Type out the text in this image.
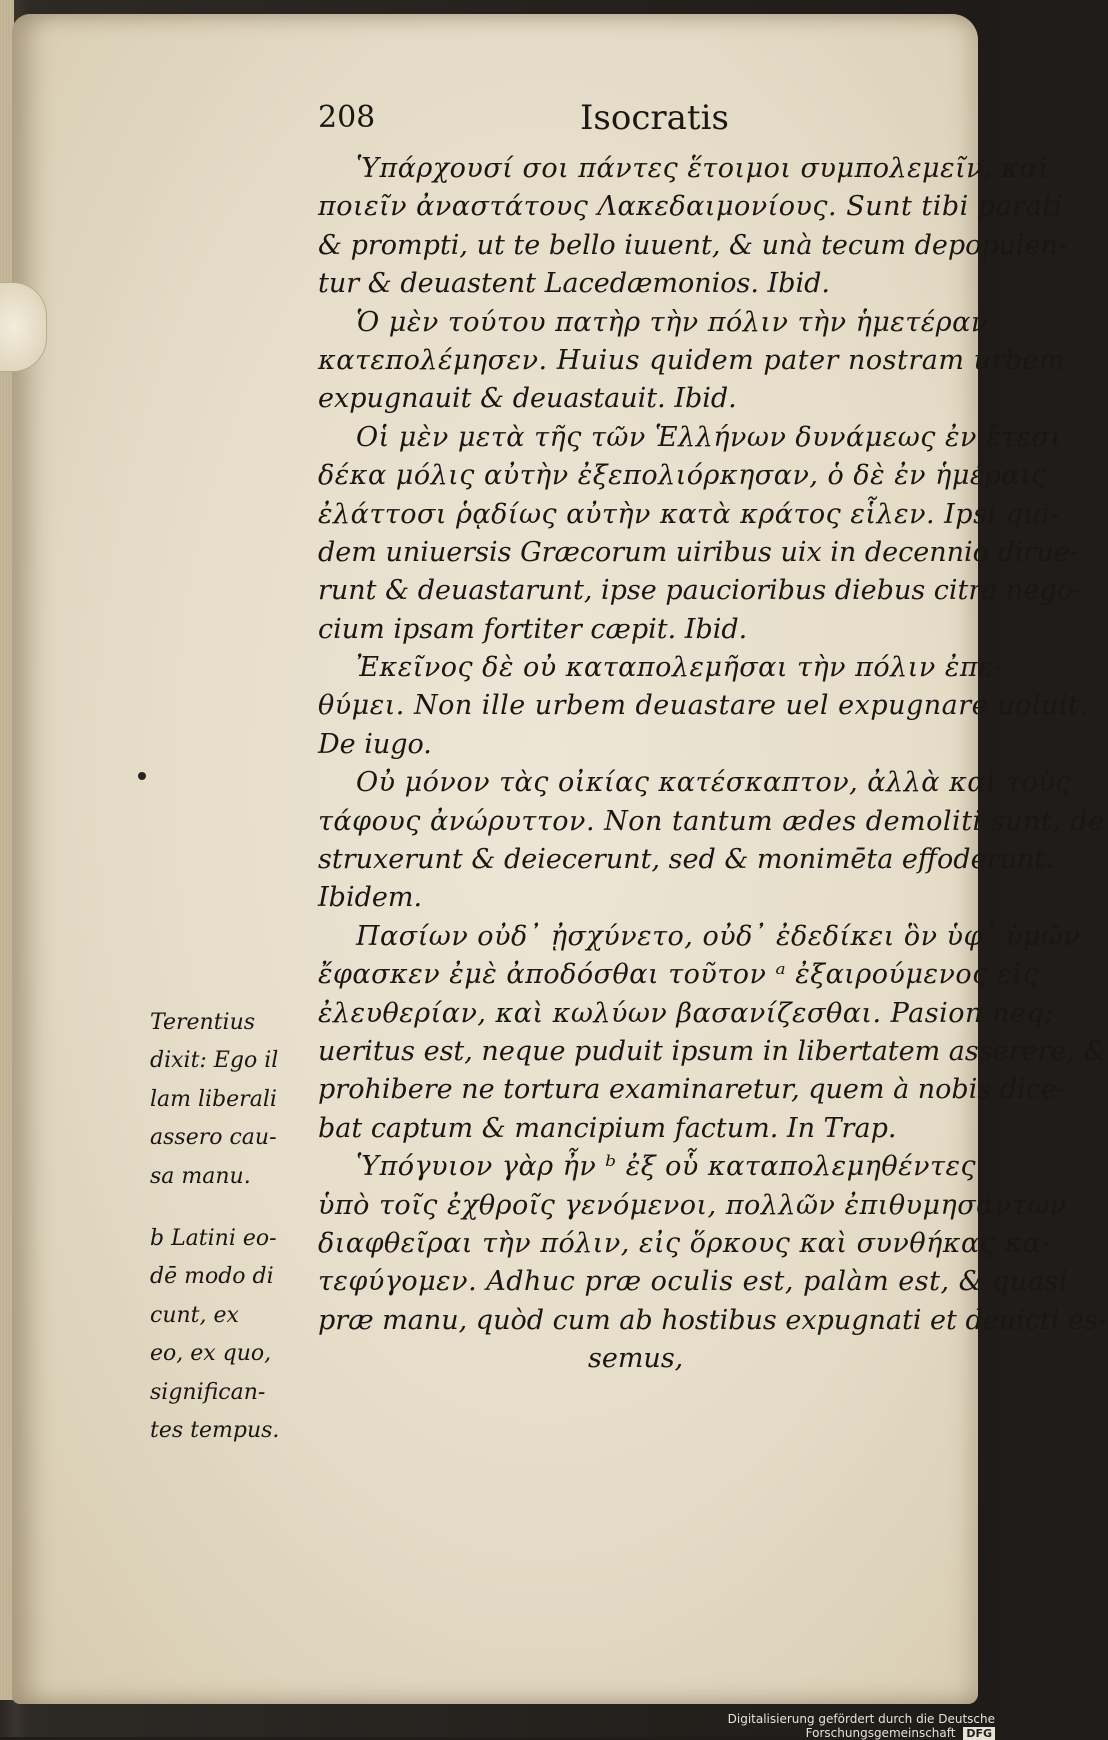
208	Isocratis
Ὑπάρχουσί σοι πάντες ἕτοιμοι συμπολεμεῖν, καὶ
ποιεῖν ἀναστάτους Λακεδαιμονίους. Sunt tibi parati
& prompti, ut te bello iuuent, & unà tecum depopulen-
tur & deuastent Lacedæmonios. Ibid.
Ὁ μὲν τούτου πατὴρ τὴν πόλιν τὴν ἡμετέραν
κατεπολέμησεν. Huius quidem pater nostram urbem
expugnauit & deuastauit. Ibid.
Οἱ μὲν μετὰ τῆς τῶν Ἑλλήνων δυνάμεως ἐν ἔτεσι
δέκα μόλις αὐτὴν ἐξεπολιόρκησαν, ὁ δὲ ἐν ἡμέραις
ἐλάττοσι ῥᾳδίως αὐτὴν κατὰ κράτος εἷλεν. Ipsi qui-
dem uniuersis Græcorum uiribus uix in decennio dirue-
runt & deuastarunt, ipse paucioribus diebus citra nego-
cium ipsam fortiter cæpit. Ibid.
Ἐκεῖνος δὲ οὐ καταπολεμῆσαι τὴν πόλιν ἐπε-
θύμει. Non ille urbem deuastare uel expugnare uoluit.
De iugo.
Οὐ μόνον τὰς οἰκίας κατέσκαπτον, ἀλλὰ καὶ τοὺς
τάφους ἀνώρυττον. Non tantum ædes demoliti sunt, de
struxerunt & deiecerunt, sed & monimēta effoderunt.
Ibidem.
Πασίων οὐδ᾽ ᾐσχύνετο, οὐδ᾽ ἐδεδίκει ὃν ὑφ᾽ ὑμῶν
ἔφασκεν ἐμὲ ἀποδόσθαι τοῦτον ᵃ ἐξαιρούμενος εἰς
ἐλευθερίαν, καὶ κωλύων βασανίζεσθαι. Pasion neq;
ueritus est, neque puduit ipsum in libertatem asserere, &
prohibere ne tortura examinaretur, quem à nobis dice-
bat captum & mancipium factum. In Trap.
Ὑπόγυιον γὰρ ἦν ᵇ ἐξ οὗ καταπολεμηθέντες
ὑπὸ τοῖς ἐχθροῖς γενόμενοι, πολλῶν ἐπιθυμησάντων
διαφθεῖραι τὴν πόλιν, εἰς ὅρκους καὶ συνθήκας κα-
τεφύγομεν. Adhuc præ oculis est, palàm est, & quasi
præ manu, quòd cum ab hostibus expugnati et deuicti es-
semus,
Terentius
dixit: Ego il
lam liberali
assero cau-
sa manu.
b Latini eo-
dē modo di
cunt, ex
eo, ex quo,
significan-
tes tempus.
Digitalisierung gefördert durch die Deutsche Forschungsgemeinschaft DFG
